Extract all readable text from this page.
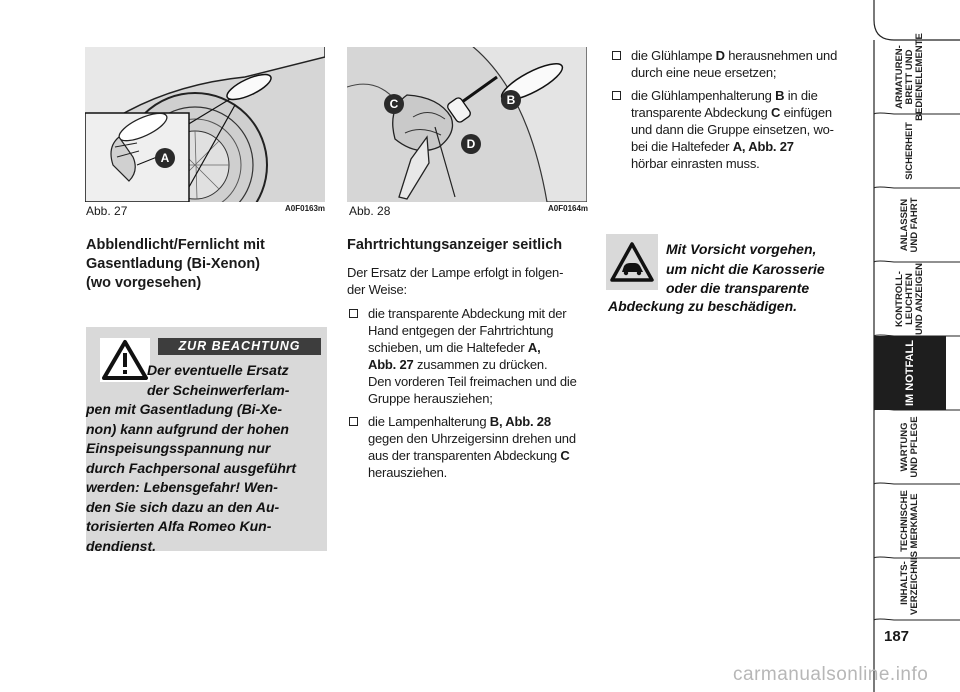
A
Abb. 27	A0F0163m
B
C
D
Abb. 28	A0F0164m
Abblendlicht/Fernlicht mit
Gasentladung (Bi-Xenon)
(wo vorgesehen)
ZUR BEACHTUNG
Der eventuelle Ersatz
der Scheinwerferlam-
pen mit Gasentladung (Bi-Xe-
non) kann aufgrund der hohen
Einspeisungsspannung nur
durch Fachpersonal ausgeführt
werden: Lebensgefahr! Wen-
den Sie sich dazu an den Au-
torisierten Alfa Romeo Kun-
dendienst.
Fahrtrichtungsanzeiger seitlich
Der Ersatz der Lampe erfolgt in folgen-
der Weise:
die transparente Abdeckung mit der
Hand entgegen der Fahrtrichtung
schieben, um die Haltefeder A,
Abb. 27 zusammen zu drücken.
Den vorderen Teil freimachen und die
Gruppe herausziehen;
die Lampenhalterung B, Abb. 28
gegen den Uhrzeigersinn drehen und
aus der transparenten Abdeckung C
herausziehen.
die Glühlampe D herausnehmen und
durch eine neue ersetzen;
die Glühlampenhalterung B in die
transparente Abdeckung C einfügen
und dann die Gruppe einsetzen, wo-
bei die Haltefeder A, Abb. 27
hörbar einrasten muss.
Mit Vorsicht vorgehen,
um nicht die Karosserie
oder die transparente
Abdeckung zu beschädigen.
ARMATUREN- BRETT UND BEDIENELEMENTE
SICHERHEIT
ANLASSEN UND FAHRT
KONTROLL- LEUCHTEN UND ANZEIGEN
IM NOTFALL
WARTUNG UND PFLEGE
TECHNISCHE MERKMALE
INHALTS- VERZEICHNIS
187
carmanualsonline.info
